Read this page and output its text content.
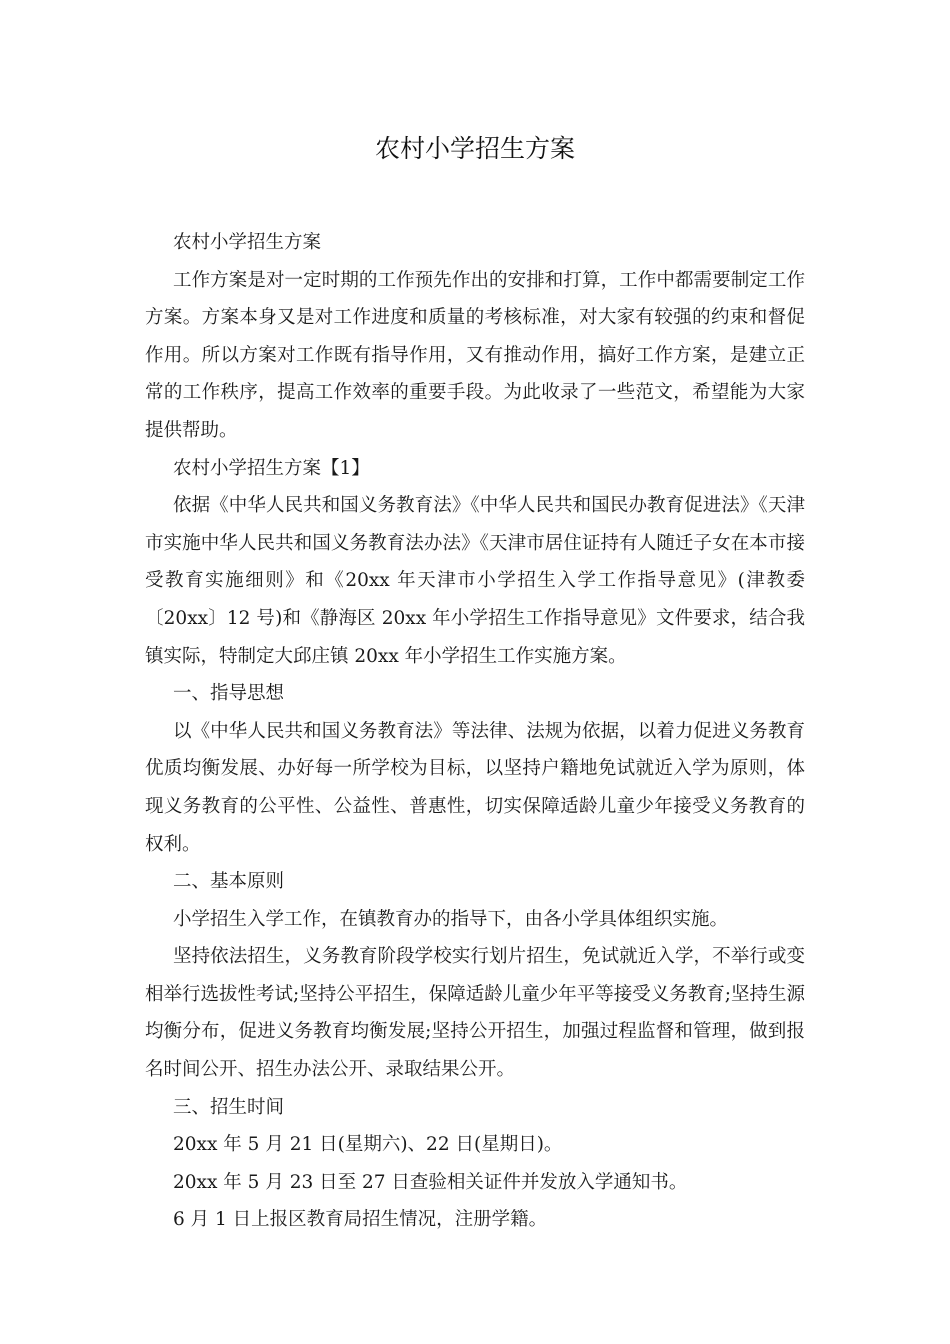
农村小学招生方案

农村小学招生方案

工作方案是对一定时期的工作预先作出的安排和打算，工作中都需要制定工作方案。方案本身又是对工作进度和质量的考核标准，对大家有较强的约束和督促作用。所以方案对工作既有指导作用，又有推动作用，搞好工作方案，是建立正常的工作秩序，提高工作效率的重要手段。为此收录了一些范文，希望能为大家提供帮助。

农村小学招生方案【1】

依据《中华人民共和国义务教育法》《中华人民共和国民办教育促进法》《天津市实施中华人民共和国义务教育法办法》《天津市居住证持有人随迁子女在本市接受教育实施细则》和《20xx 年天津市小学招生入学工作指导意见》(津教委〔20xx〕12 号)和《静海区 20xx 年小学招生工作指导意见》文件要求，结合我镇实际，特制定大邱庄镇 20xx 年小学招生工作实施方案。

一、指导思想

以《中华人民共和国义务教育法》等法律、法规为依据，以着力促进义务教育优质均衡发展、办好每一所学校为目标，以坚持户籍地免试就近入学为原则，体现义务教育的公平性、公益性、普惠性，切实保障适龄儿童少年接受义务教育的权利。

二、基本原则

小学招生入学工作，在镇教育办的指导下，由各小学具体组织实施。

坚持依法招生，义务教育阶段学校实行划片招生，免试就近入学，不举行或变相举行选拔性考试;坚持公平招生，保障适龄儿童少年平等接受义务教育;坚持生源均衡分布，促进义务教育均衡发展;坚持公开招生，加强过程监督和管理，做到报名时间公开、招生办法公开、录取结果公开。

三、招生时间

20xx 年 5 月 21 日(星期六)、22 日(星期日)。

20xx 年 5 月 23 日至 27 日查验相关证件并发放入学通知书。

6 月 1 日上报区教育局招生情况，注册学籍。
